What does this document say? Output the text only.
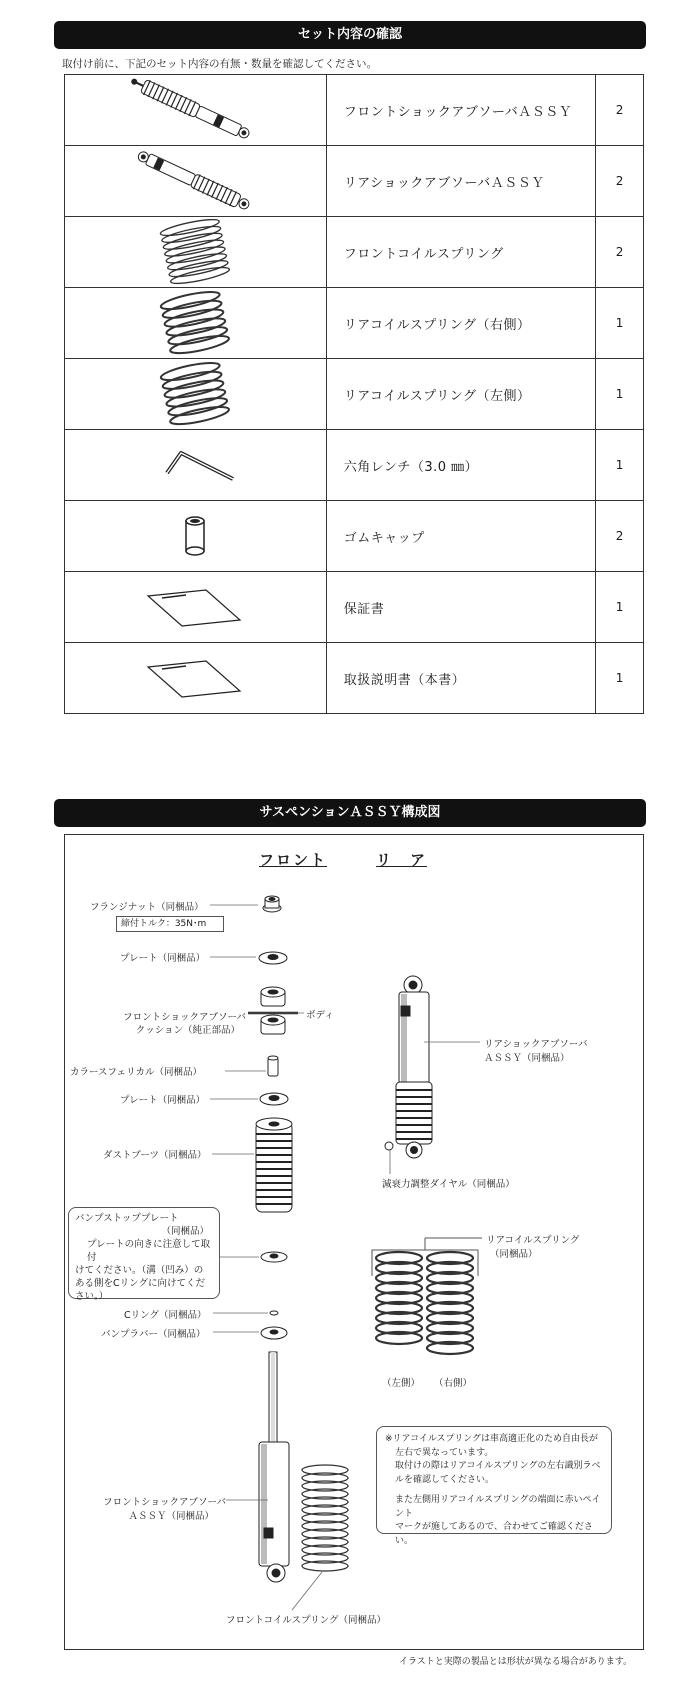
セット内容の確認
取付け前に、下記のセット内容の有無・数量を確認してください。
	フロントショックアブソーバＡＳＳＹ	2

	リアショックアブソーバＡＳＳＹ	2

	フロントコイルスプリング	2

	リアコイルスプリング（右側）	1

	リアコイルスプリング（左側）	1

	六角レンチ（3.0 ㎜）	1

	ゴムキャップ	2

	保証書	1

	取扱説明書（本書）	1
サスペンションＡＳＳＹ構成図
フロント	リ　ア
フランジナット（同梱品）
締付トルク：35N･m
プレート（同梱品）
フロントショックアブソーバ
クッション（純正部品）
ボディ
カラースフェリカル（同梱品）
プレート（同梱品）
ダストブーツ（同梱品）
バンプストッププレート
（同梱品）
プレートの向きに注意して取付
けてください。（溝（凹み）の
ある側をCリングに向けてくだ
さい。）
Cリング（同梱品）
バンプラバー（同梱品）
フロントショックアブソーバ
ＡＳＳＹ（同梱品）
フロントコイルスプリング（同梱品）
リアショックアブソーバ
ＡＳＳＹ（同梱品）
減衰力調整ダイヤル（同梱品）
リアコイルスプリング
（同梱品）
（左側） （右側）
※リアコイルスプリングは車高適正化のため自由長が
左右で異なっています。
取付けの際はリアコイルスプリングの左右識別ラベ
ルを確認してください。
また左側用リアコイルスプリングの端面に赤いペイント
マークが施してあるので、合わせてご確認ください。
イラストと実際の製品とは形状が異なる場合があります。
